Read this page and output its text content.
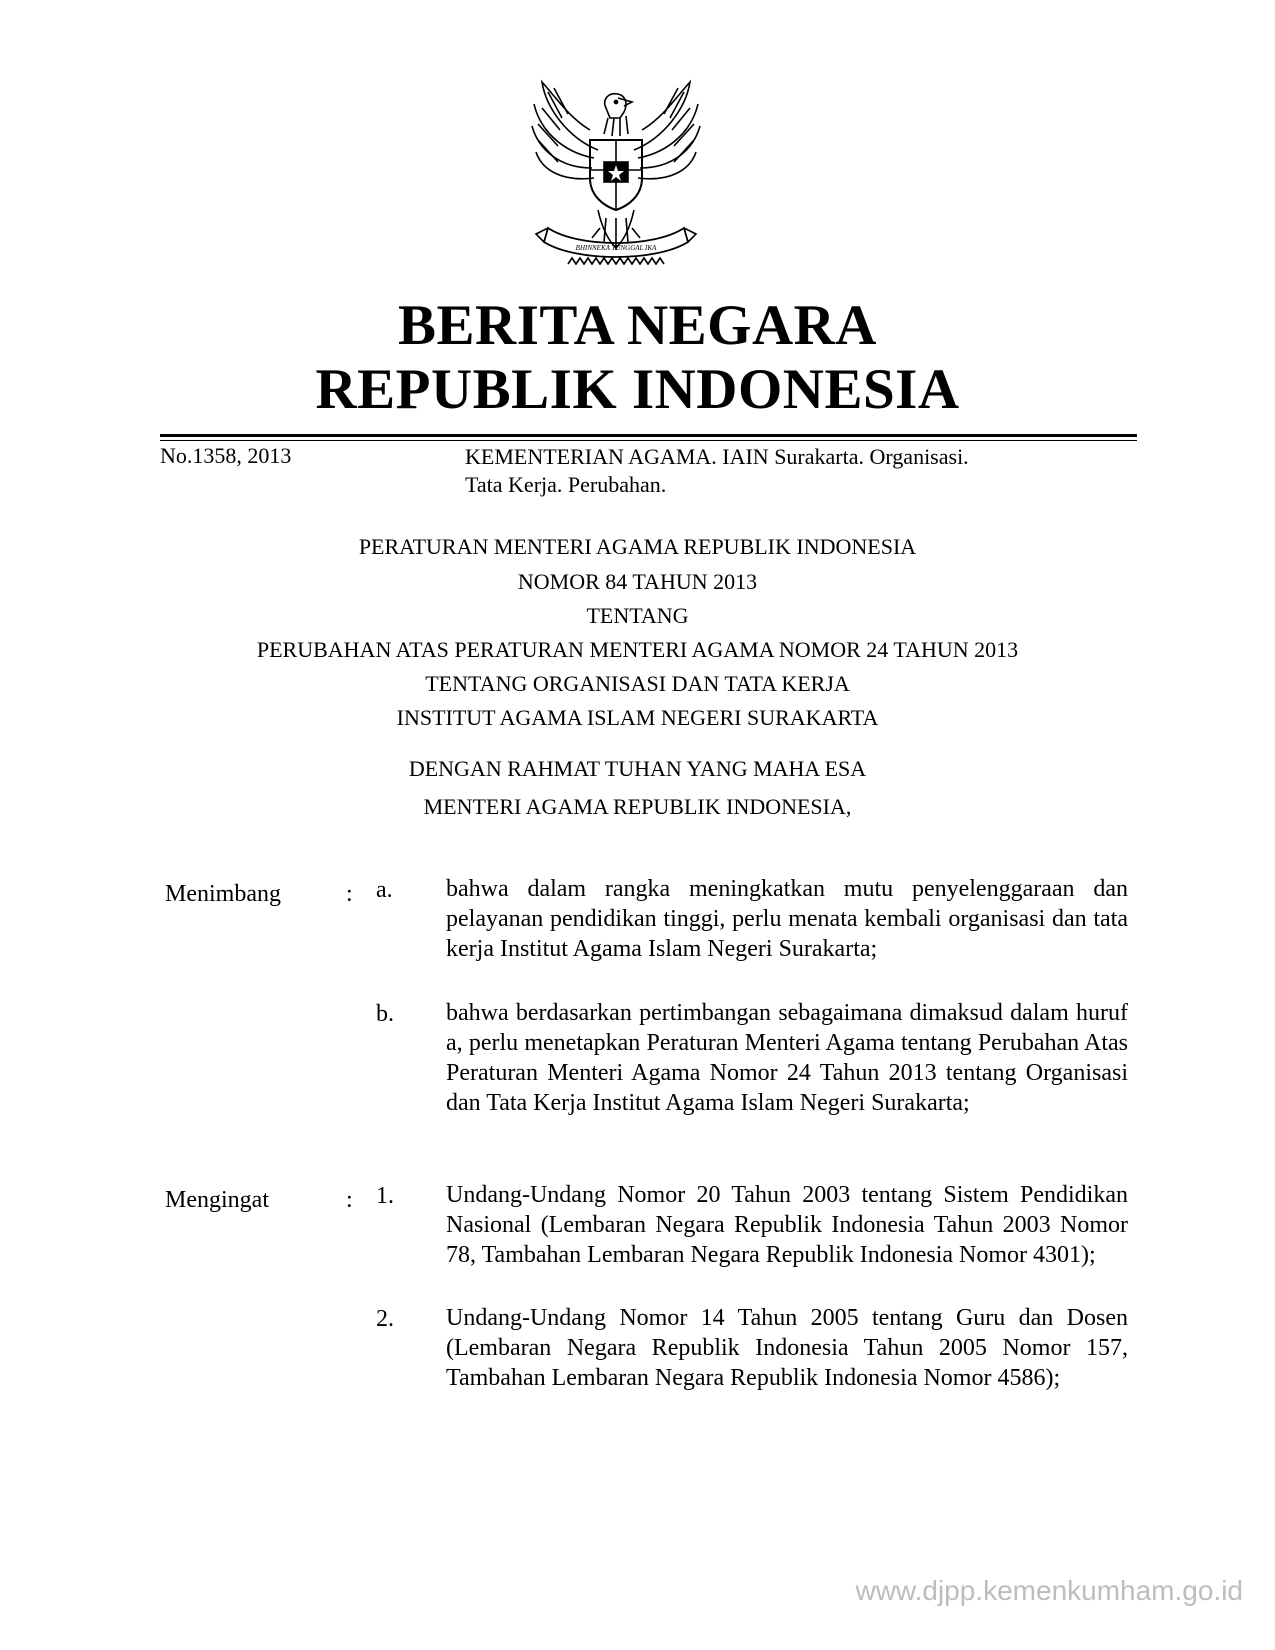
BHINNEKA TUNGGAL IKA
BERITA NEGARA
REPUBLIK INDONESIA
No.1358, 2013	KEMENTERIAN AGAMA. IAIN Surakarta. Organisasi.
Tata Kerja. Perubahan.
PERATURAN MENTERI AGAMA REPUBLIK INDONESIA
NOMOR 84 TAHUN 2013
TENTANG
PERUBAHAN ATAS PERATURAN MENTERI AGAMA NOMOR 24 TAHUN 2013
TENTANG ORGANISASI DAN TATA KERJA
INSTITUT AGAMA ISLAM NEGERI SURAKARTA
DENGAN RAHMAT TUHAN YANG MAHA ESA
MENTERI AGAMA REPUBLIK INDONESIA,
Menimbang	: a. bahwa dalam rangka meningkatkan mutu penyelenggaraan dan pelayanan pendidikan tinggi, perlu menata kembali organisasi dan tata kerja Institut Agama Islam Negeri Surakarta;
b. bahwa berdasarkan pertimbangan sebagaimana dimaksud dalam huruf a, perlu menetapkan Peraturan Menteri Agama tentang Perubahan Atas Peraturan Menteri Agama Nomor 24 Tahun 2013 tentang Organisasi dan Tata Kerja Institut Agama Islam Negeri Surakarta;
Mengingat	: 1. Undang-Undang Nomor 20 Tahun 2003 tentang Sistem Pendidikan Nasional (Lembaran Negara Republik Indonesia Tahun 2003 Nomor 78, Tambahan Lembaran Negara Republik Indonesia Nomor 4301);
2. Undang-Undang Nomor 14 Tahun 2005 tentang Guru dan Dosen (Lembaran Negara Republik Indonesia Tahun 2005 Nomor 157, Tambahan Lembaran Negara Republik Indonesia Nomor 4586);
www.djpp.kemenkumham.go.id
